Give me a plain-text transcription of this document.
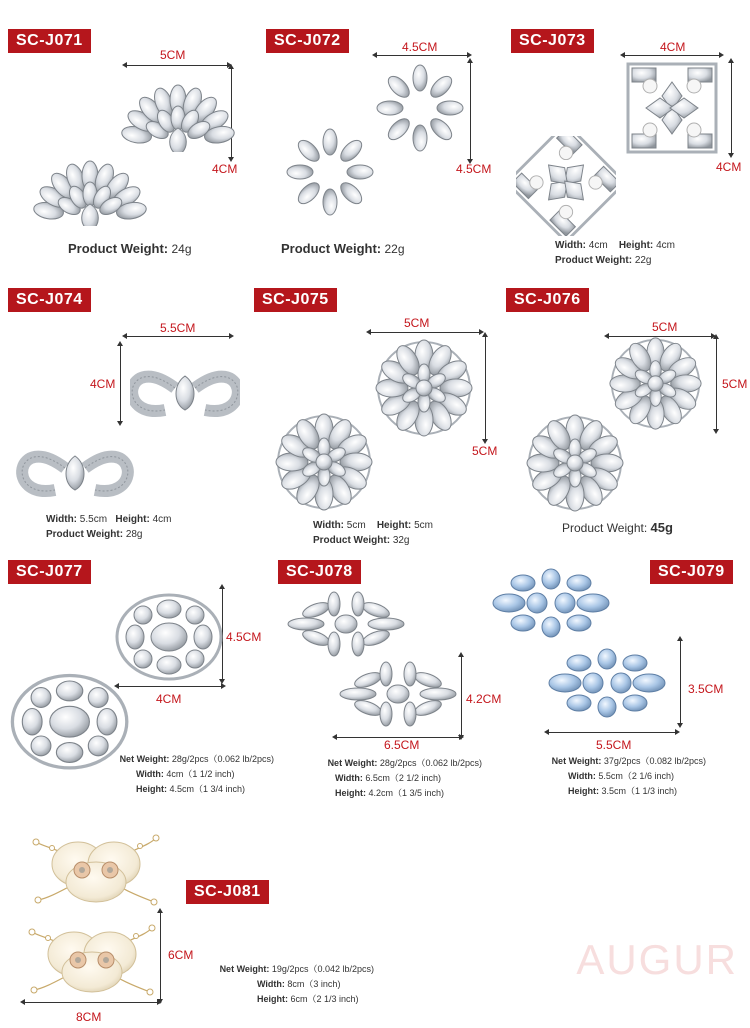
SC-J071
5CM
4CM
Product Weight: 24g
SC-J072	4.5CM
4.5CM
Product Weight: 22g
SC-J073	4CM
4CM
Width: 4cm Height: 4cm
Product Weight: 22g
SC-J074
5.5CM
4CM
Width: 5.5cm Height: 4cm
Product Weight: 28g
SC-J075
5CM
5CM
Width: 5cm Height: 5cm
Product Weight: 32g
SC-J076
5CM
5CM
Product Weight: 45g
SC-J077
4.5CM
4CM
Net Weight: 28g/2pcs（0.062 lb/2pcs)
Width: 4cm（1 1/2 inch)
Height: 4.5cm（1 3/4 inch)
SC-J078
4.2CM
6.5CM
Net Weight: 28g/2pcs（0.062 lb/2pcs)
Width: 6.5cm（2 1/2 inch)
Height: 4.2cm（1 3/5 inch)
SC-J079
3.5CM
5.5CM
Net Weight: 37g/2pcs（0.082 lb/2pcs)
Width: 5.5cm（2 1/6 inch)
Height: 3.5cm（1 1/3 inch)
SC-J081
6CM
8CM
Net Weight: 19g/2pcs（0.042 lb/2pcs)
Width: 8cm（3 inch)
Height: 6cm（2 1/3 inch)
AUGUR
